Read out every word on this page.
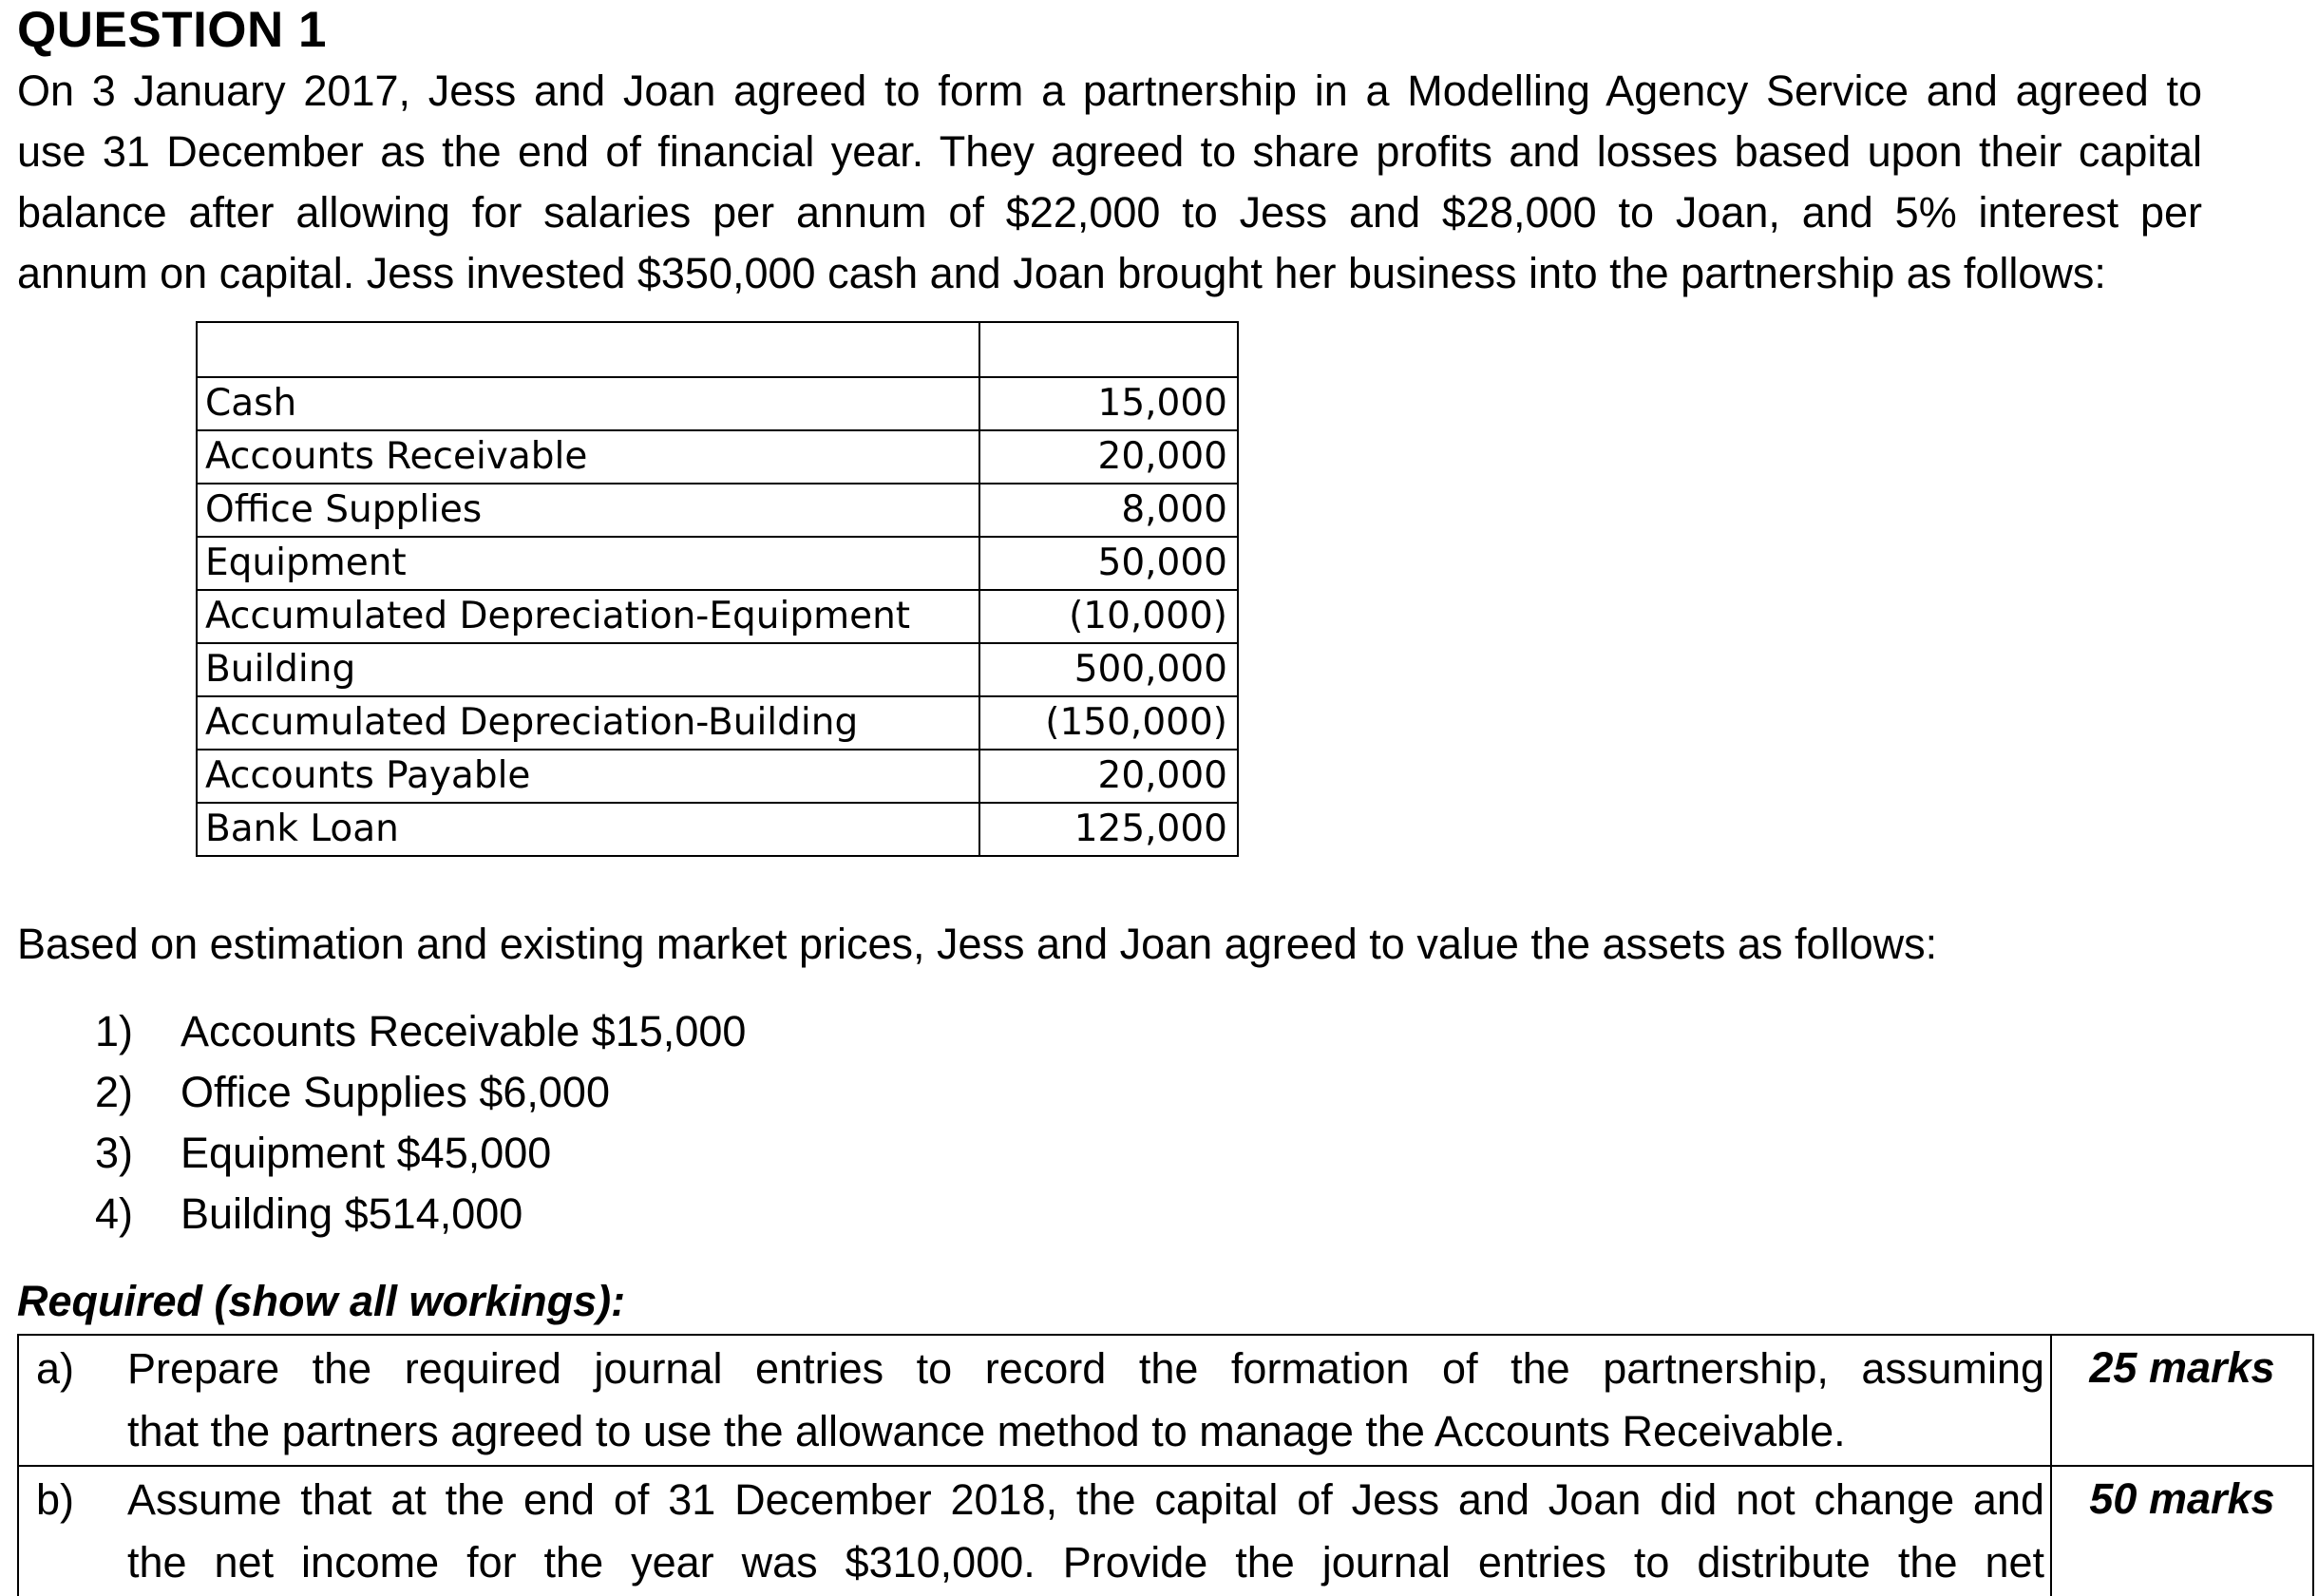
QUESTION 1
On 3 January 2017, Jess and Joan agreed to form a partnership in a Modelling Agency Service and agreed to
use 31 December as the end of financial year. They agreed to share profits and losses based upon their capital
balance after allowing for salaries per annum of $22,000 to Jess and $28,000 to Joan, and 5% interest per
annum on capital. Jess invested $350,000 cash and Joan brought her business into the partnership as follows:

Cash	15,000
Accounts Receivable	20,000
Office Supplies	8,000
Equipment	50,000
Accumulated Depreciation-Equipment	(10,000)
Building	500,000
Accumulated Depreciation-Building	(150,000)
Accounts Payable	20,000
Bank Loan	125,000
Based on estimation and existing market prices, Jess and Joan agreed to value the assets as follows:
1)	Accounts Receivable $15,000
2)	Office Supplies $6,000
3)	Equipment $45,000
4)	Building $514,000
Required (show all workings):
a) Prepare the required journal entries to record the formation of the partnership, assuming
that the partners agreed to use the allowance method to manage the Accounts Receivable.	25 marks

b) Assume that at the end of 31 December 2018, the capital of Jess and Joan did not change and
the net income for the year was $310,000. Provide the journal entries to distribute the net	50 marks
